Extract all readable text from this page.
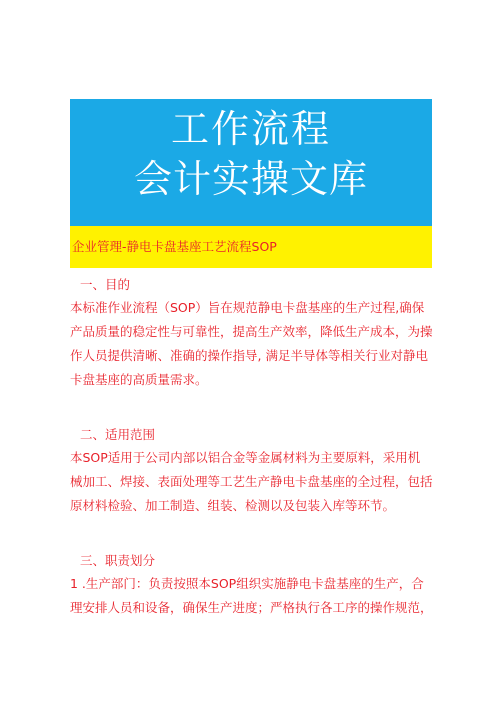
工作流程
会计实操文库
企业管理-静电卡盘基座工艺流程SOP
一、目的

本标准作业流程（SOP）旨在规范静电卡盘基座的生产过程,确保

产品质量的稳定性与可靠性，提高生产效率，降低生产成本，为操

作人员提供清晰、准确的操作指导, 满足半导体等相关行业对静电

卡盘基座的高质量需求。

二、适用范围

本SOP适用于公司内部以铝合金等金属材料为主要原料，采用机

械加工、焊接、表面处理等工艺生产静电卡盘基座的全过程，包括

原材料检验、加工制造、组装、检测以及包装入库等环节。

三、职责划分

1 .生产部门：负责按照本SOP组织实施静电卡盘基座的生产，合

理安排人员和设备，确保生产进度；严格执行各工序的操作规范，
